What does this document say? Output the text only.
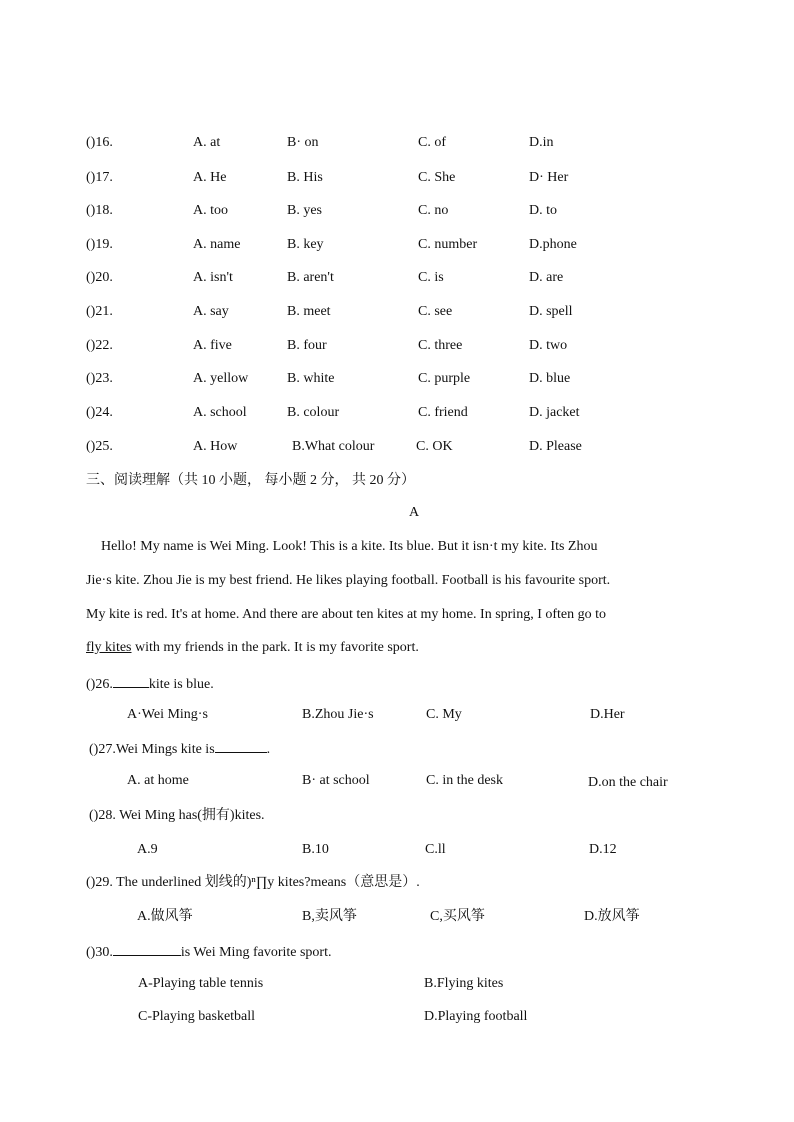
()16.	A. at	B· on	C. of	D.in
()17.	A. He	B. His	C. She	D· Her
()18.	A. too	B. yes	C. no	D. to
()19.	A. name	B. key	C. number	D.phone
()20.	A. isn't	B. aren't	C. is	D. are
()21.	A. say	B. meet	C. see	D. spell
()22.	A. five	B. four	C. three	D. two
()23.	A. yellow	B. white	C. purple	D. blue
()24.	A. school	B. colour	C. friend	D. jacket
()25.	A. How	B.What colour	C. OK	D. Please
三、阅读理解（共 10 小题， 每小题 2 分， 共 20 分）
A
Hello! My name is Wei Ming. Look! This is a kite. Its blue. But it isn·t my kite. Its Zhou
Jie·s kite. Zhou Jie is my best friend. He likes playing football. Football is his favourite sport.
My kite is red. It's at home. And there are about ten kites at my home. In spring, I often go to
fly kites with my friends in the park. It is my favorite sport.
()26.	kite is blue.
A·Wei Ming·s	B.Zhou Jie·s	C. My	D.Her
()27.Wei Mings kite is	.
A. at home	B· at school	C. in the desk	D.on the chair
()28. Wei Ming has(拥有)kites.
A.9	B.10	C.ll	D.12
()29. The underlined 划线的)ⁿ∏y kites?means（意思是）.
A.做风筝	B,卖风筝	C,买风筝	D.放风筝
()30.	is Wei Ming favorite sport.
A-Playing table tennis	B.Flying kites
C-Playing basketball	D.Playing football
